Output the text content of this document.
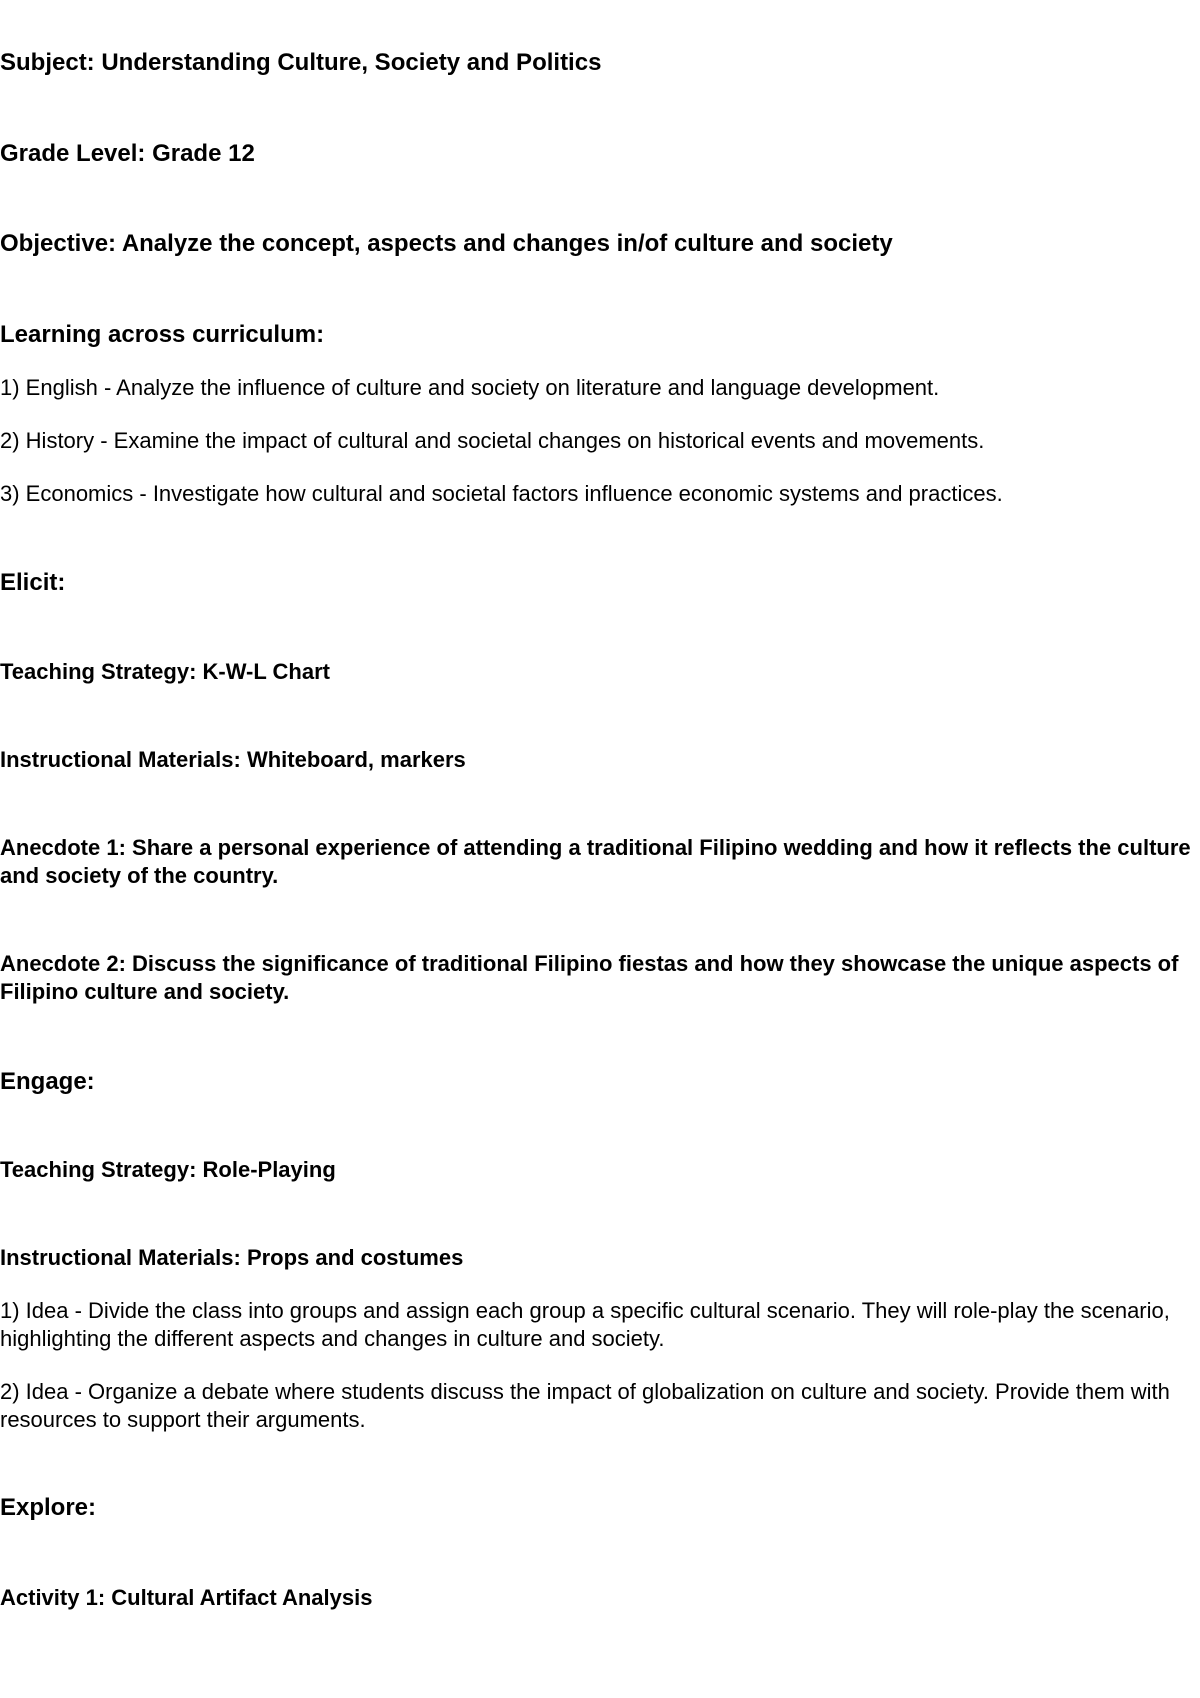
Subject: Understanding Culture, Society and Politics

Grade Level: Grade 12

Objective: Analyze the concept, aspects and changes in/of culture and society

Learning across curriculum:

1) English - Analyze the influence of culture and society on literature and language development.

2) History - Examine the impact of cultural and societal changes on historical events and movements.

3) Economics - Investigate how cultural and societal factors influence economic systems and practices.

Elicit:

Teaching Strategy: K-W-L Chart

Instructional Materials: Whiteboard, markers

Anecdote 1: Share a personal experience of attending a traditional Filipino wedding and how it reflects the culture and society of the country.

Anecdote 2: Discuss the significance of traditional Filipino fiestas and how they showcase the unique aspects of Filipino culture and society.

Engage:

Teaching Strategy: Role-Playing

Instructional Materials: Props and costumes

1) Idea - Divide the class into groups and assign each group a specific cultural scenario. They will role-play the scenario, highlighting the different aspects and changes in culture and society.

2) Idea - Organize a debate where students discuss the impact of globalization on culture and society. Provide them with resources to support their arguments.

Explore:

Activity 1: Cultural Artifact Analysis
